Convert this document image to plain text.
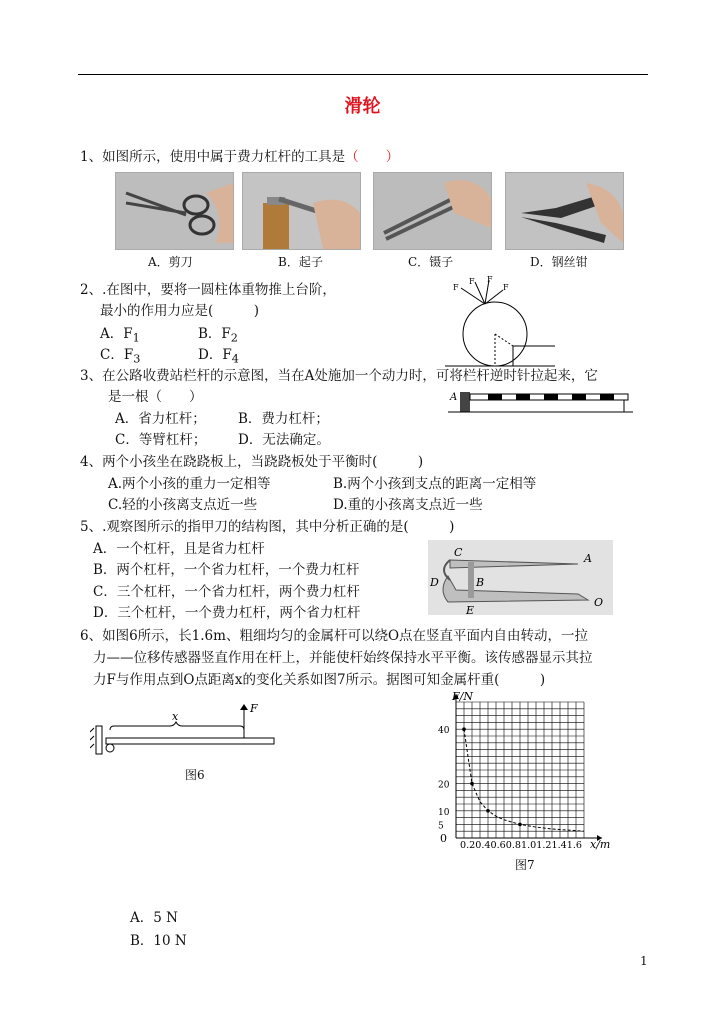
滑轮
1、如图所示，使用中属于费力杠杆的工具是（　　）
A．剪刀	B．起子	C．镊子	D．钢丝钳
2、.在图中，要将一圆柱体重物推上台阶，
最小的作用力应是(　　　)
A．$F_1$	B．$F_2$
C．$F_3$	D．$F_4$
F
F F
F
3、在公路收费站栏杆的示意图，当在A处施加一个动力时，可将栏杆逆时针拉起来，它
是一根（　　）
A．省力杠杆； B．费力杠杆；
C．等臂杠杆； D．无法确定。
A
4、两个小孩坐在跷跷板上，当跷跷板处于平衡时(　　　)
A.两个小孩的重力一定相等	B.两个小孩到支点的距离一定相等
C.轻的小孩离支点近一些	D.重的小孩离支点近一些
5、.观察图所示的指甲刀的结构图，其中分析正确的是(　　　)
A．一个杠杆，且是省力杠杆
B．两个杠杆，一个省力杠杆，一个费力杠杆
C．三个杠杆，一个省力杠杆，两个费力杠杆
D．三个杠杆，一个费力杠杆，两个省力杠杆
C	A
B
D
E
O
6、如图6所示，长1.6m、粗细均匀的金属杆可以绕O点在竖直平面内自由转动，一拉
力——位移传感器竖直作用在杆上，并能使杆始终保持水平平衡。该传感器显示其拉
力F与作用点到O点距离x的变化关系如图7所示。据图可知金属杆重(　　　)
x
F
图6
F/N
x/m
0
0.20.40.60.81.01.21.41.6
5
10
20
40
图7
A．5 N
B．10 N
1
